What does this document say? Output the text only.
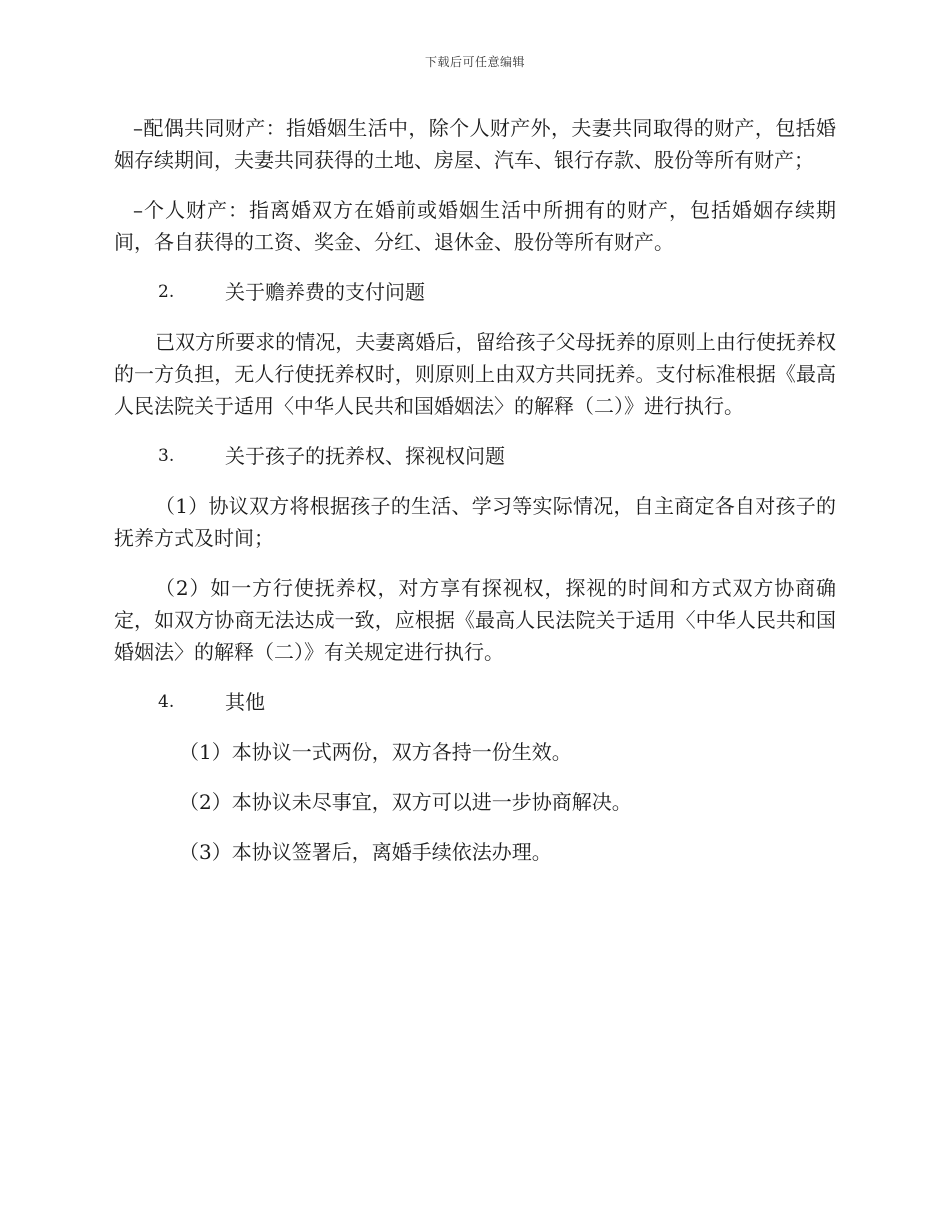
下载后可任意编辑

–配偶共同财产：指婚姻生活中，除个人财产外，夫妻共同取得的财产，包括婚姻存续期间，夫妻共同获得的土地、房屋、汽车、银行存款、股份等所有财产；

–个人财产：指离婚双方在婚前或婚姻生活中所拥有的财产，包括婚姻存续期间，各自获得的工资、奖金、分红、退休金、股份等所有财产。

2.	关于赡养费的支付问题

已双方所要求的情况，夫妻离婚后，留给孩子父母抚养的原则上由行使抚养权的一方负担，无人行使抚养权时，则原则上由双方共同抚养。支付标准根据《最高人民法院关于适用〈中华人民共和国婚姻法〉的解释（二）》进行执行。

3.	关于孩子的抚养权、探视权问题

（1）协议双方将根据孩子的生活、学习等实际情况，自主商定各自对孩子的抚养方式及时间；

（2）如一方行使抚养权，对方享有探视权，探视的时间和方式双方协商确定，如双方协商无法达成一致，应根据《最高人民法院关于适用〈中华人民共和国婚姻法〉的解释（二）》有关规定进行执行。

4.	其他

（1）本协议一式两份，双方各持一份生效。

（2）本协议未尽事宜，双方可以进一步协商解决。

（3）本协议签署后，离婚手续依法办理。
